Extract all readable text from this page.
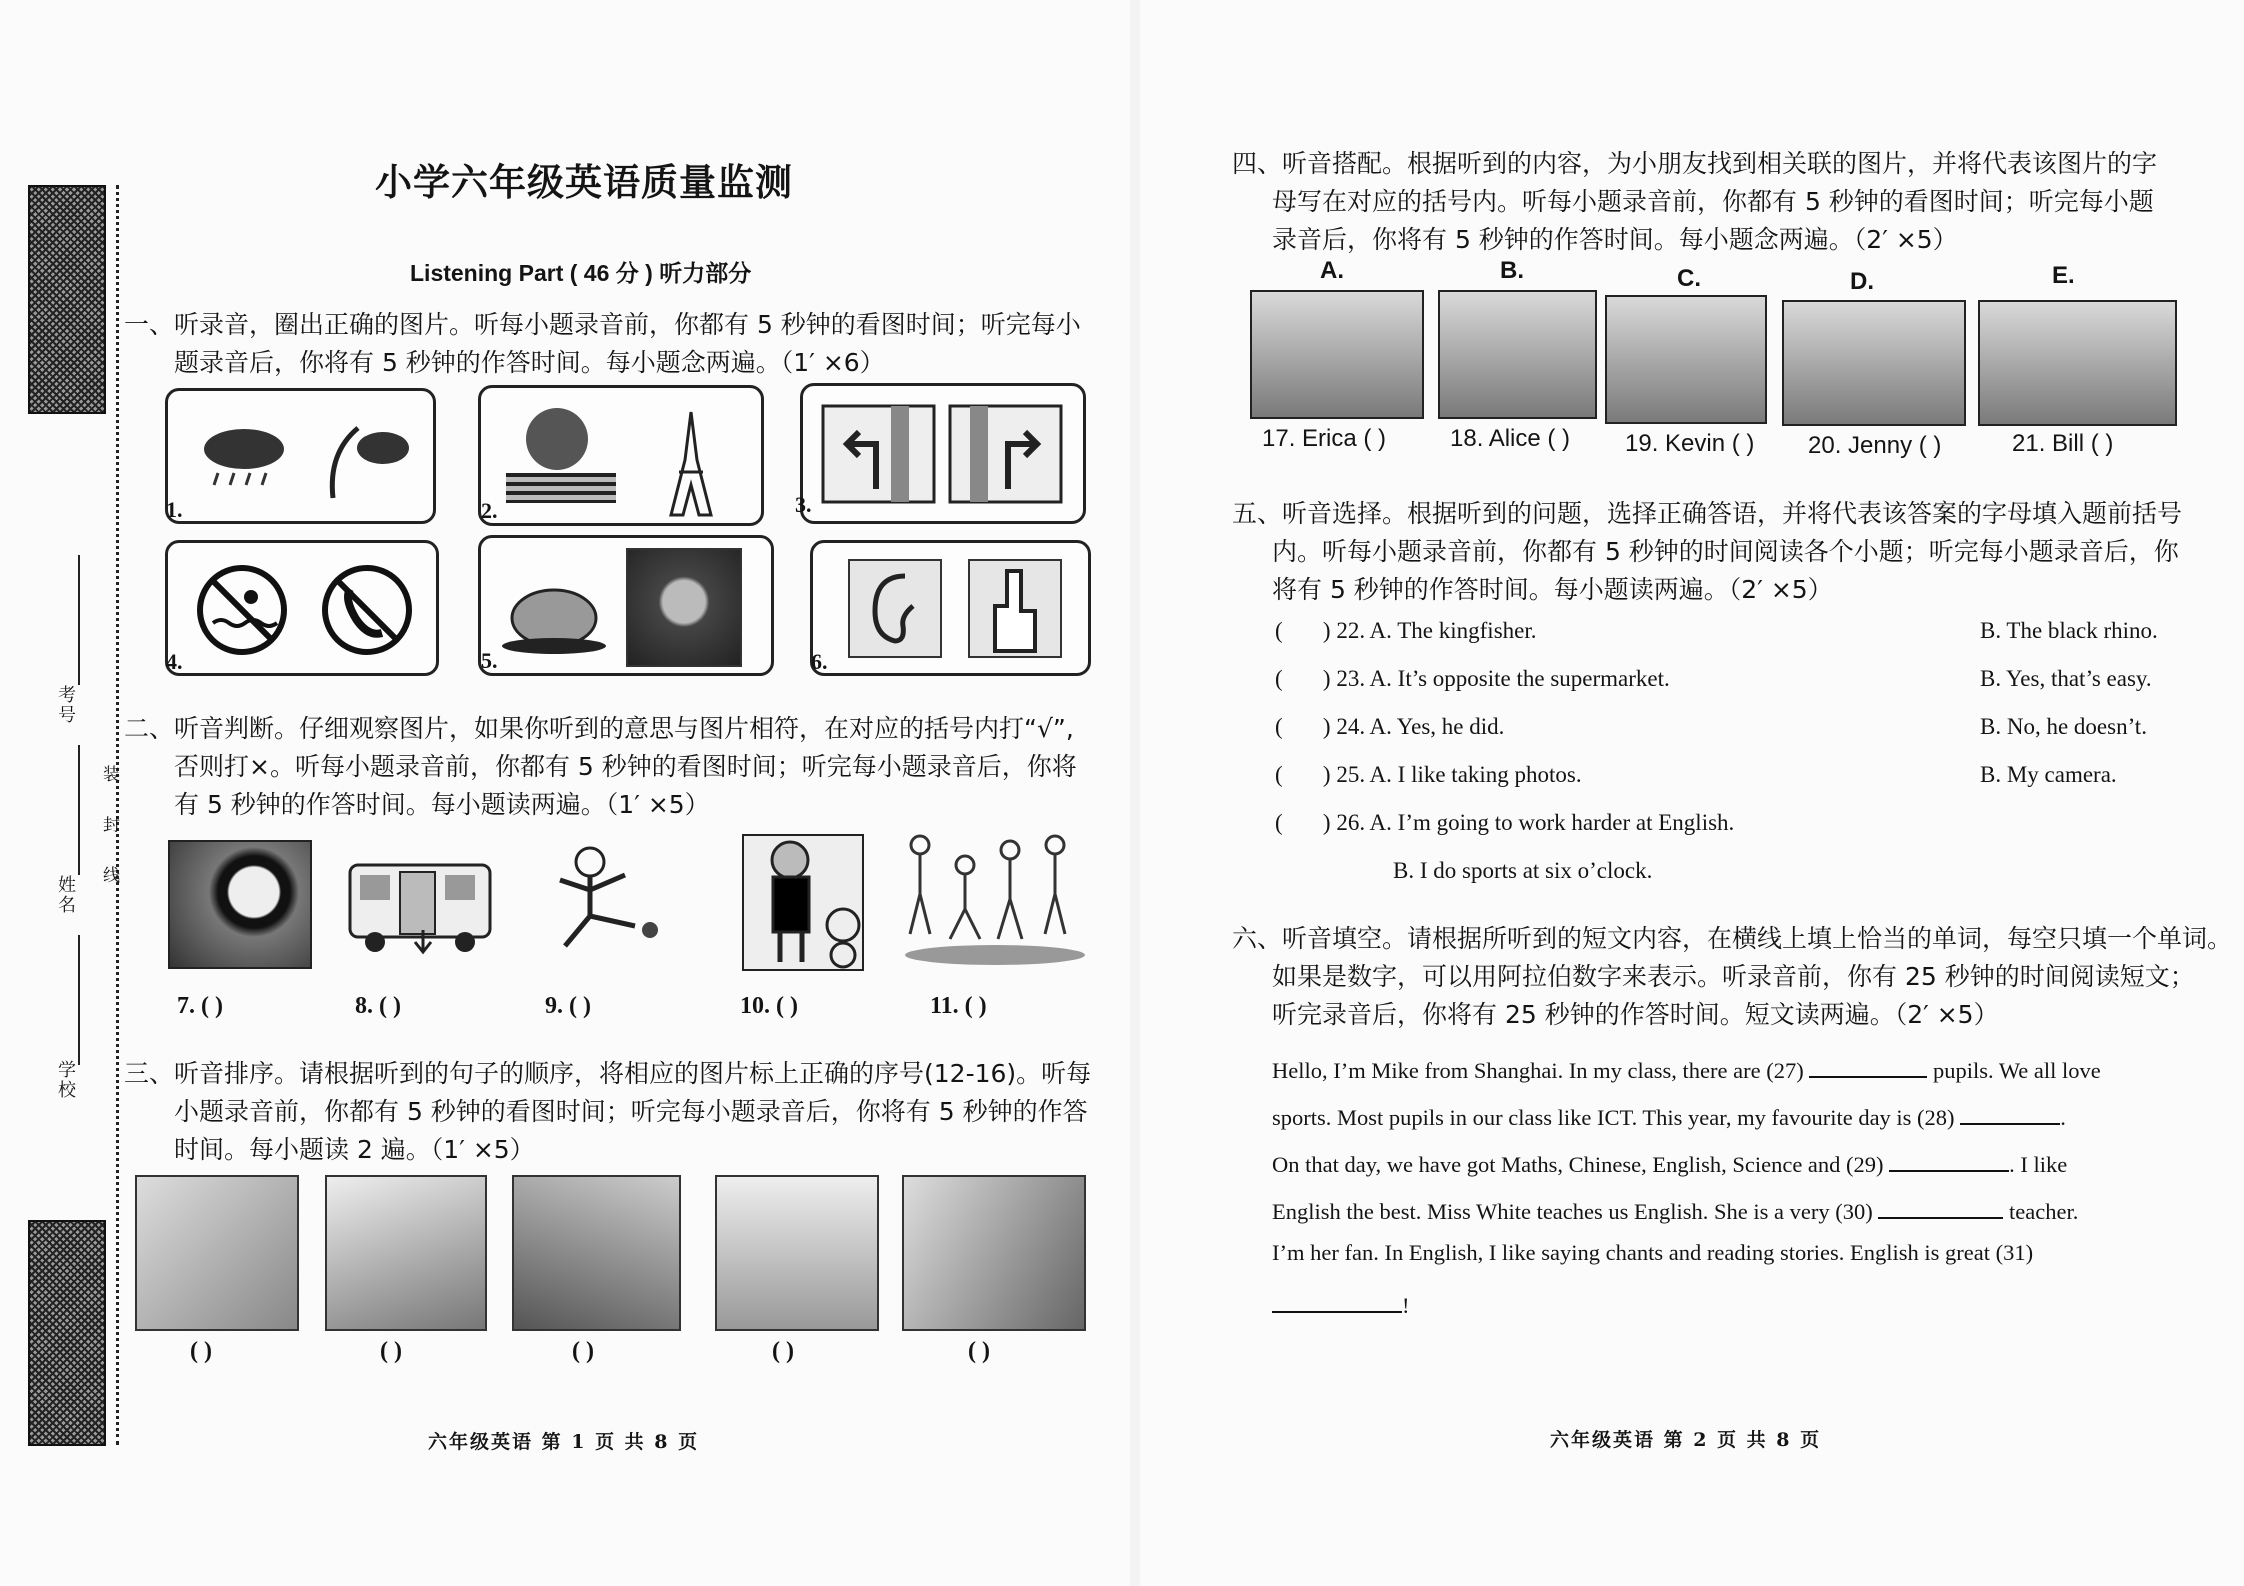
考号
姓名
学校
装 封 线
小学六年级英语质量监测
Listening Part ( 46 分 ) 听力部分
一、听录音，圈出正确的图片。听每小题录音前，你都有 5 秒钟的看图时间；听完每小
题录音后，你将有 5 秒钟的作答时间。每小题念两遍。（1′ ×6）
1.	2.	3.
4.	5.	6.
二、听音判断。仔细观察图片，如果你听到的意思与图片相符，在对应的括号内打“√”,
否则打×。听每小题录音前，你都有 5 秒钟的看图时间；听完每小题录音后，你将
有 5 秒钟的作答时间。每小题读两遍。（1′ ×5）
7. ( )	8. ( )	9. ( )	10. ( )	11. ( )
三、听音排序。请根据听到的句子的顺序，将相应的图片标上正确的序号(12-16)。听每
小题录音前，你都有 5 秒钟的看图时间；听完每小题录音后，你将有 5 秒钟的作答
时间。每小题读 2 遍。（1′ ×5）
( )	( )	( )	( )	( )
六年级英语 第 1 页 共 8 页
四、听音搭配。根据听到的内容，为小朋友找到相关联的图片，并将代表该图片的字
母写在对应的括号内。听每小题录音前，你都有 5 秒钟的看图时间；听完每小题
录音后，你将有 5 秒钟的作答时间。每小题念两遍。（2′ ×5）
A.	B.	C.	D.	E.
17. Erica ( )	18. Alice ( ) 19. Kevin ( ) 20. Jenny ( )	21. Bill ( )
五、听音选择。根据听到的问题，选择正确答语，并将代表该答案的字母填入题前括号
内。听每小题录音前，你都有 5 秒钟的时间阅读各个小题；听完每小题录音后，你
将有 5 秒钟的作答时间。每小题读两遍。（2′ ×5）
(       ) 22. A. The kingfisher.	B. The black rhino.
(       ) 23. A. It’s opposite the supermarket.	B. Yes, that’s easy.
(       ) 24. A. Yes, he did.	B. No, he doesn’t.
(       ) 25. A. I like taking photos.	B. My camera.
(       ) 26. A. I’m going to work harder at English.
B. I do sports at six o’clock.
六、听音填空。请根据所听到的短文内容，在横线上填上恰当的单词，每空只填一个单词。
如果是数字，可以用阿拉伯数字来表示。听录音前，你有 25 秒钟的时间阅读短文；
听完录音后，你将有 25 秒钟的作答时间。短文读两遍。（2′ ×5）
Hello, I’m Mike from Shanghai. In my class, there are (27)	pupils. We all love
sports. Most pupils in our class like ICT. This year, my favourite day is (28)	.
On that day, we have got Maths, Chinese, English, Science and (29)	. I like
English the best. Miss White teaches us English. She is a very (30)	teacher.
I’m her fan. In English, I like saying chants and reading stories. English is great (31)
!
六年级英语 第 2 页 共 8 页
